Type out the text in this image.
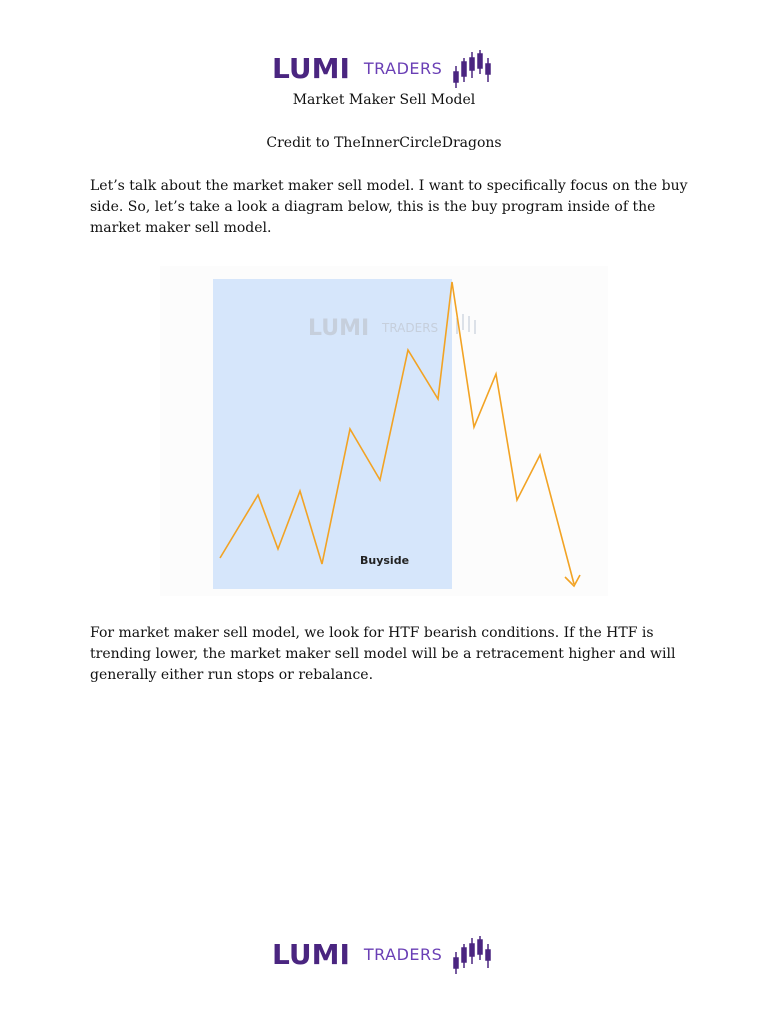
LUMI TRADERS
Market Maker Sell Model
Credit to TheInnerCircleDragons

Let’s talk about the market maker sell model. I want to specifically focus on the buy side. So, let’s take a look a diagram below, this is the buy program inside of the market maker sell model.

LUMI TRADERS
Buyside

For market maker sell model, we look for HTF bearish conditions. If the HTF is trending lower, the market maker sell model will be a retracement higher and will generally either run stops or rebalance.

LUMI TRADERS
